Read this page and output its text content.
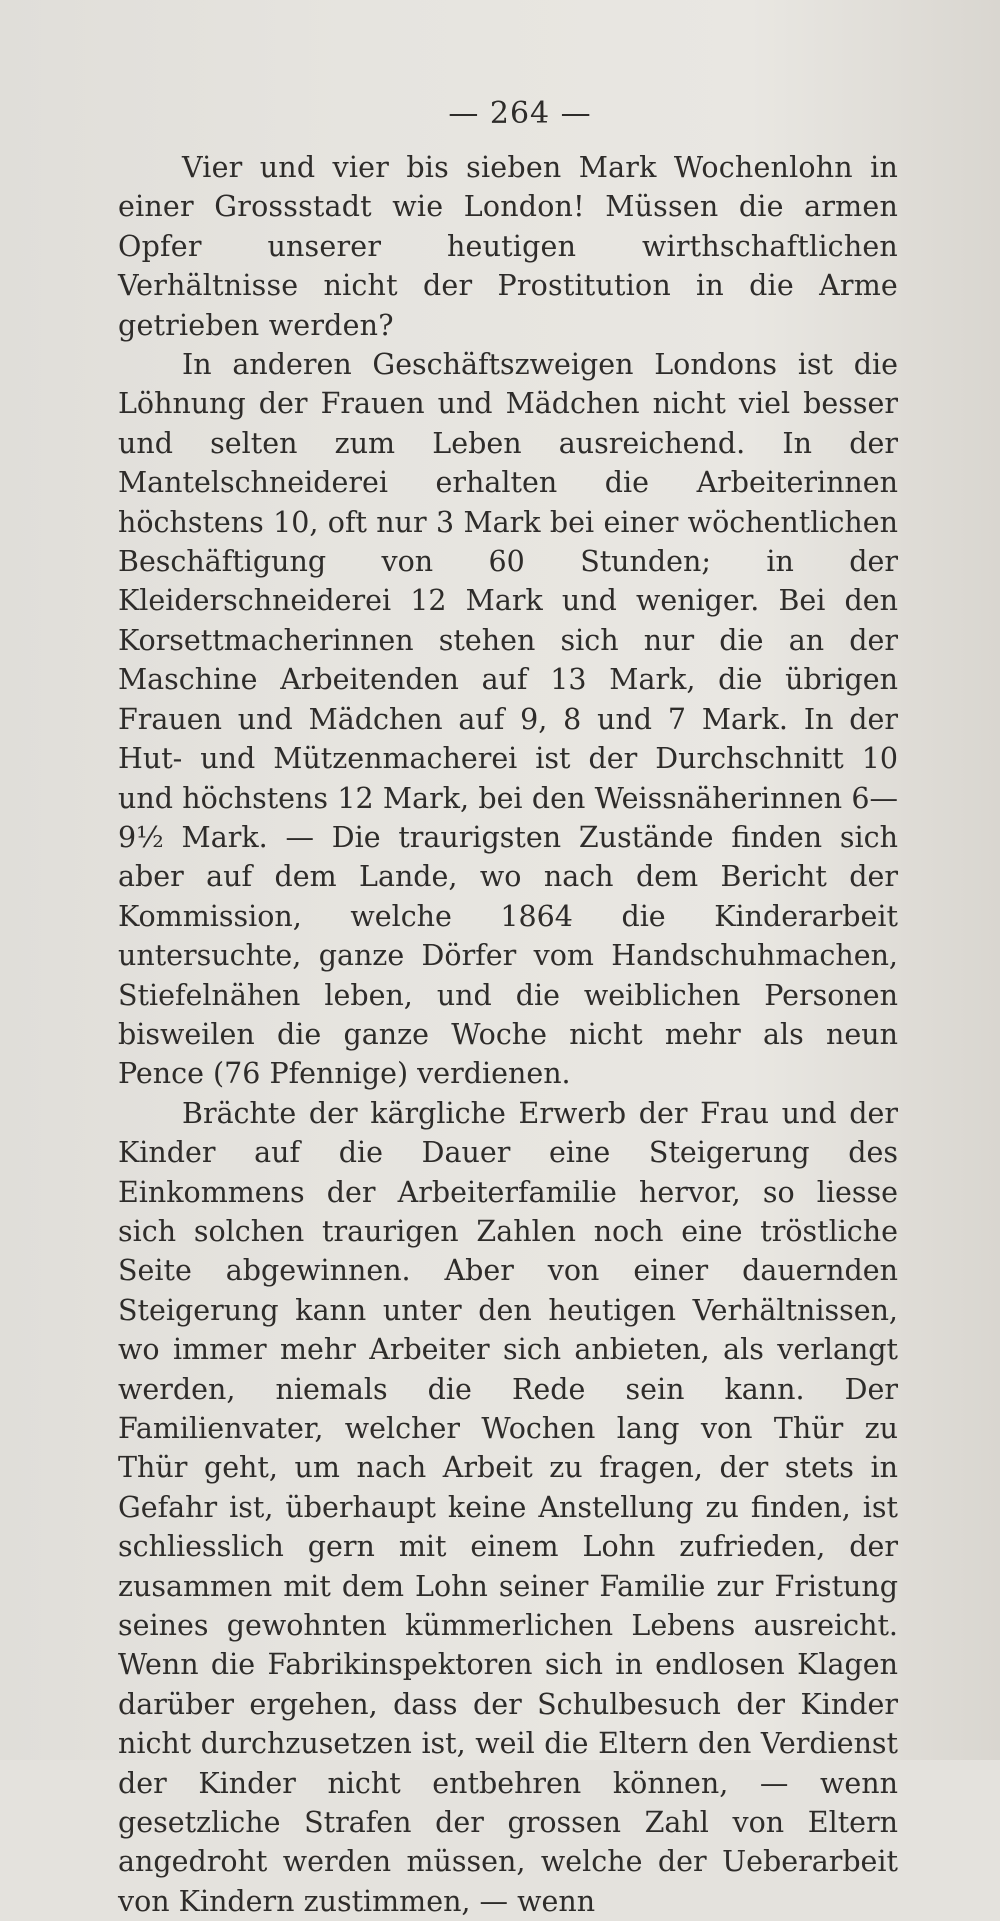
— 264 —

Vier und vier bis sieben Mark Wochenlohn in einer Grossstadt wie London! Müssen die armen Opfer unserer heutigen wirthschaftlichen Verhältnisse nicht der Prostitution in die Arme getrieben werden?

In anderen Geschäftszweigen Londons ist die Löhnung der Frauen und Mädchen nicht viel besser und selten zum Leben ausreichend. In der Mantelschneiderei erhalten die Arbeiterinnen höchstens 10, oft nur 3 Mark bei einer wöchentlichen Beschäftigung von 60 Stunden; in der Kleiderschneiderei 12 Mark und weniger. Bei den Korsettmacherinnen stehen sich nur die an der Maschine Arbeitenden auf 13 Mark, die übrigen Frauen und Mädchen auf 9, 8 und 7 Mark. In der Hut- und Mützenmacherei ist der Durchschnitt 10 und höchstens 12 Mark, bei den Weissnäherinnen 6—9½ Mark. — Die traurigsten Zustände finden sich aber auf dem Lande, wo nach dem Bericht der Kommission, welche 1864 die Kinderarbeit untersuchte, ganze Dörfer vom Handschuhmachen, Stiefelnähen leben, und die weiblichen Personen bisweilen die ganze Woche nicht mehr als neun Pence (76 Pfennige) verdienen.

Brächte der kärgliche Erwerb der Frau und der Kinder auf die Dauer eine Steigerung des Einkommens der Arbeiterfamilie hervor, so liesse sich solchen traurigen Zahlen noch eine tröstliche Seite abgewinnen. Aber von einer dauernden Steigerung kann unter den heutigen Verhältnissen, wo immer mehr Arbeiter sich anbieten, als verlangt werden, niemals die Rede sein kann. Der Familienvater, welcher Wochen lang von Thür zu Thür geht, um nach Arbeit zu fragen, der stets in Gefahr ist, überhaupt keine Anstellung zu finden, ist schliesslich gern mit einem Lohn zufrieden, der zusammen mit dem Lohn seiner Familie zur Fristung seines gewohnten kümmerlichen Lebens ausreicht. Wenn die Fabrikinspektoren sich in endlosen Klagen darüber ergehen, dass der Schulbesuch der Kinder nicht durchzusetzen ist, weil die Eltern den Verdienst der Kinder nicht entbehren können, — wenn gesetzliche Strafen der grossen Zahl von Eltern angedroht werden müssen, welche der Ueberarbeit von Kindern zustimmen, — wenn
